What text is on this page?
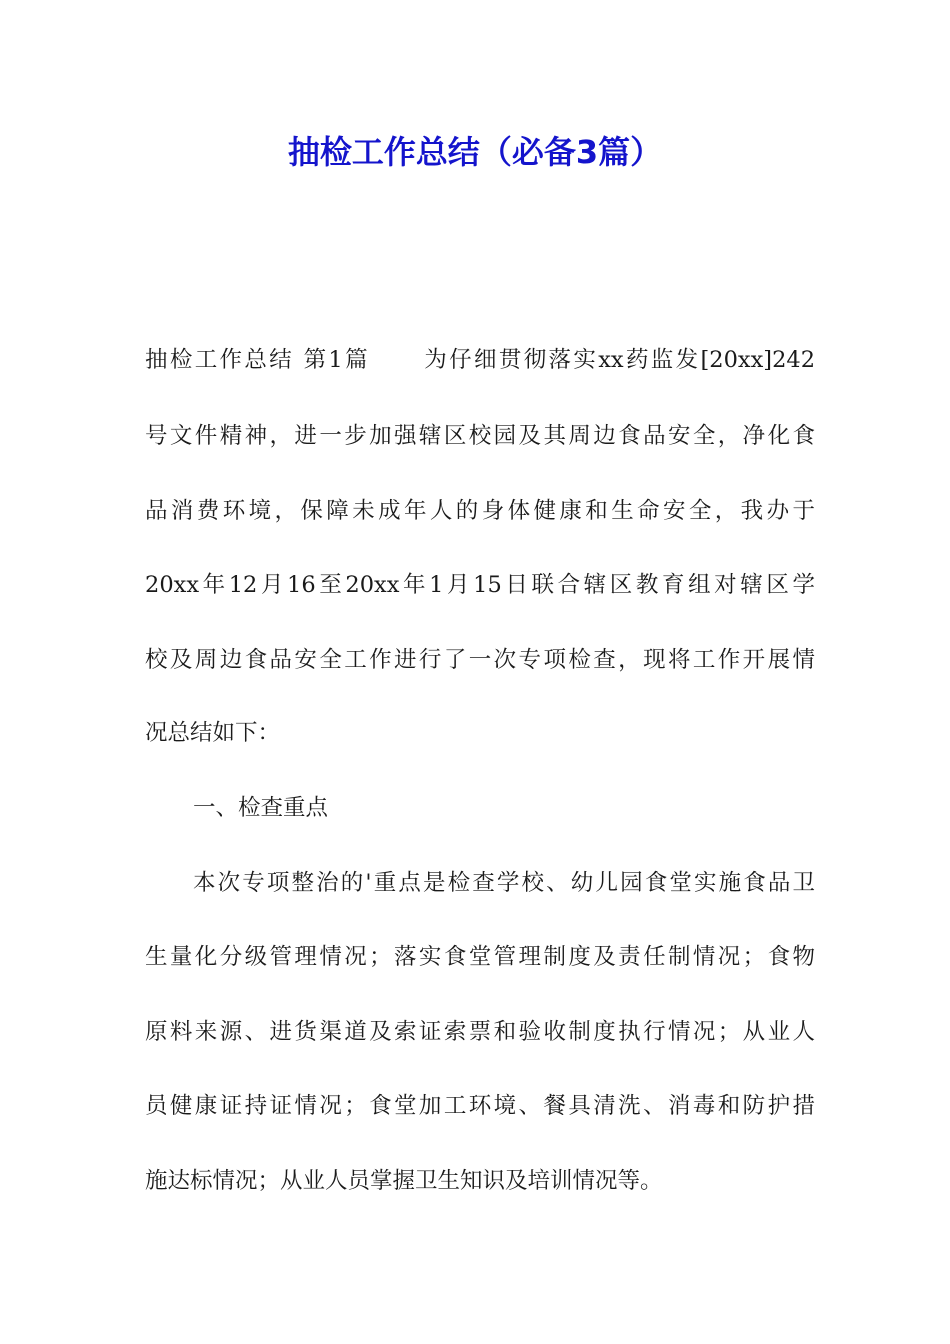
抽检工作总结（必备3篇）
抽检工作总结 第1篇 为仔细贯彻落实xx药监发[20xx]242
号文件精神，进一步加强辖区校园及其周边食品安全，净化食
品消费环境，保障未成年人的身体健康和生命安全，我办于
20xx年12月16至20xx年1月15日联合辖区教育组对辖区学
校及周边食品安全工作进行了一次专项检查，现将工作开展情
况总结如下：
一、检查重点
本次专项整治的'重点是检查学校、幼儿园食堂实施食品卫
生量化分级管理情况；落实食堂管理制度及责任制情况；食物
原料来源、进货渠道及索证索票和验收制度执行情况；从业人
员健康证持证情况；食堂加工环境、餐具清洗、消毒和防护措
施达标情况；从业人员掌握卫生知识及培训情况等。
